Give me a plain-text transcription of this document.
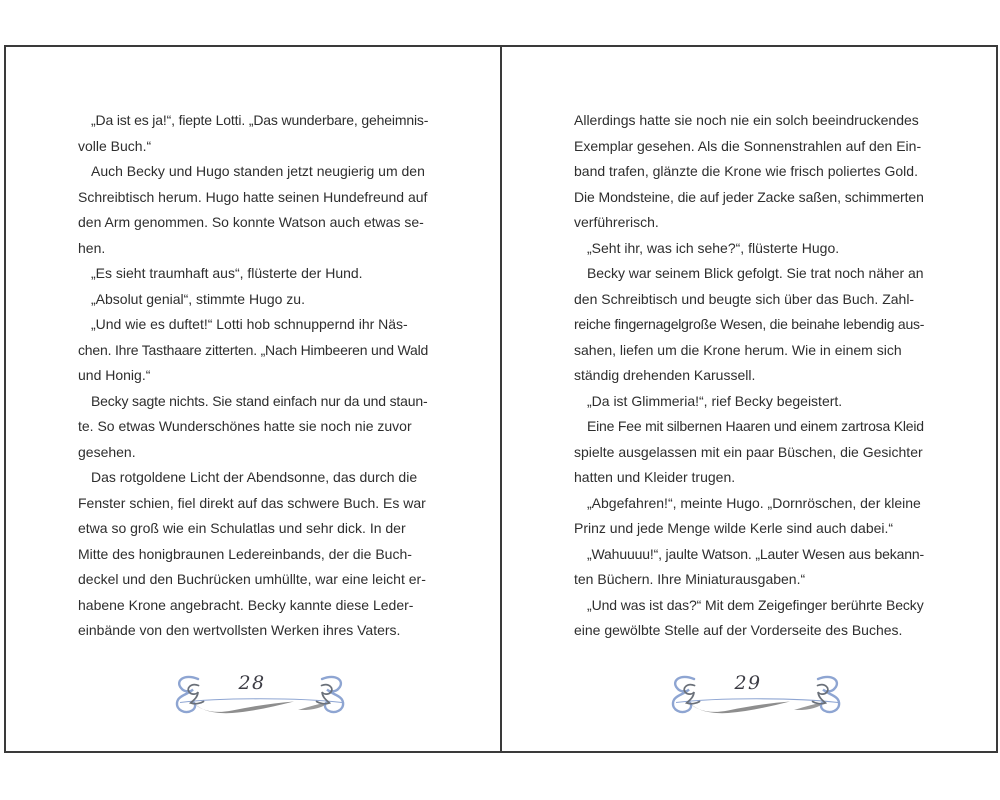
„Da ist es ja!“, fiepte Lotti. „Das wunderbare, geheimnis-
volle Buch.“
Auch Becky und Hugo standen jetzt neugierig um den
Schreibtisch herum. Hugo hatte seinen Hundefreund auf
den Arm genommen. So konnte Watson auch etwas se-
hen.
„Es sieht traumhaft aus“, flüsterte der Hund.
„Absolut genial“, stimmte Hugo zu.
„Und wie es duftet!“ Lotti hob schnuppernd ihr Näs-
chen. Ihre Tasthaare zitterten. „Nach Himbeeren und Wald
und Honig.“
Becky sagte nichts. Sie stand einfach nur da und staun-
te. So etwas Wunderschönes hatte sie noch nie zuvor
gesehen.
Das rotgoldene Licht der Abendsonne, das durch die
Fenster schien, fiel direkt auf das schwere Buch. Es war
etwa so groß wie ein Schulatlas und sehr dick. In der
Mitte des honigbraunen Ledereinbands, der die Buch-
deckel und den Buchrücken umhüllte, war eine leicht er-
habene Krone angebracht. Becky kannte diese Leder-
einbände von den wertvollsten Werken ihres Vaters.
28
Allerdings hatte sie noch nie ein solch beeindruckendes
Exemplar gesehen. Als die Sonnenstrahlen auf den Ein-
band trafen, glänzte die Krone wie frisch poliertes Gold.
Die Mondsteine, die auf jeder Zacke saßen, schimmerten
verführerisch.
„Seht ihr, was ich sehe?“, flüsterte Hugo.
Becky war seinem Blick gefolgt. Sie trat noch näher an
den Schreibtisch und beugte sich über das Buch. Zahl-
reiche fingernagelgroße Wesen, die beinahe lebendig aus-
sahen, liefen um die Krone herum. Wie in einem sich
ständig drehenden Karussell.
„Da ist Glimmeria!“, rief Becky begeistert.
Eine Fee mit silbernen Haaren und einem zartrosa Kleid
spielte ausgelassen mit ein paar Büschen, die Gesichter
hatten und Kleider trugen.
„Abgefahren!“, meinte Hugo. „Dornröschen, der kleine
Prinz und jede Menge wilde Kerle sind auch dabei.“
„Wahuuuu!“, jaulte Watson. „Lauter Wesen aus bekann-
ten Büchern. Ihre Miniaturausgaben.“
„Und was ist das?“ Mit dem Zeigefinger berührte Becky
eine gewölbte Stelle auf der Vorderseite des Buches.
29
